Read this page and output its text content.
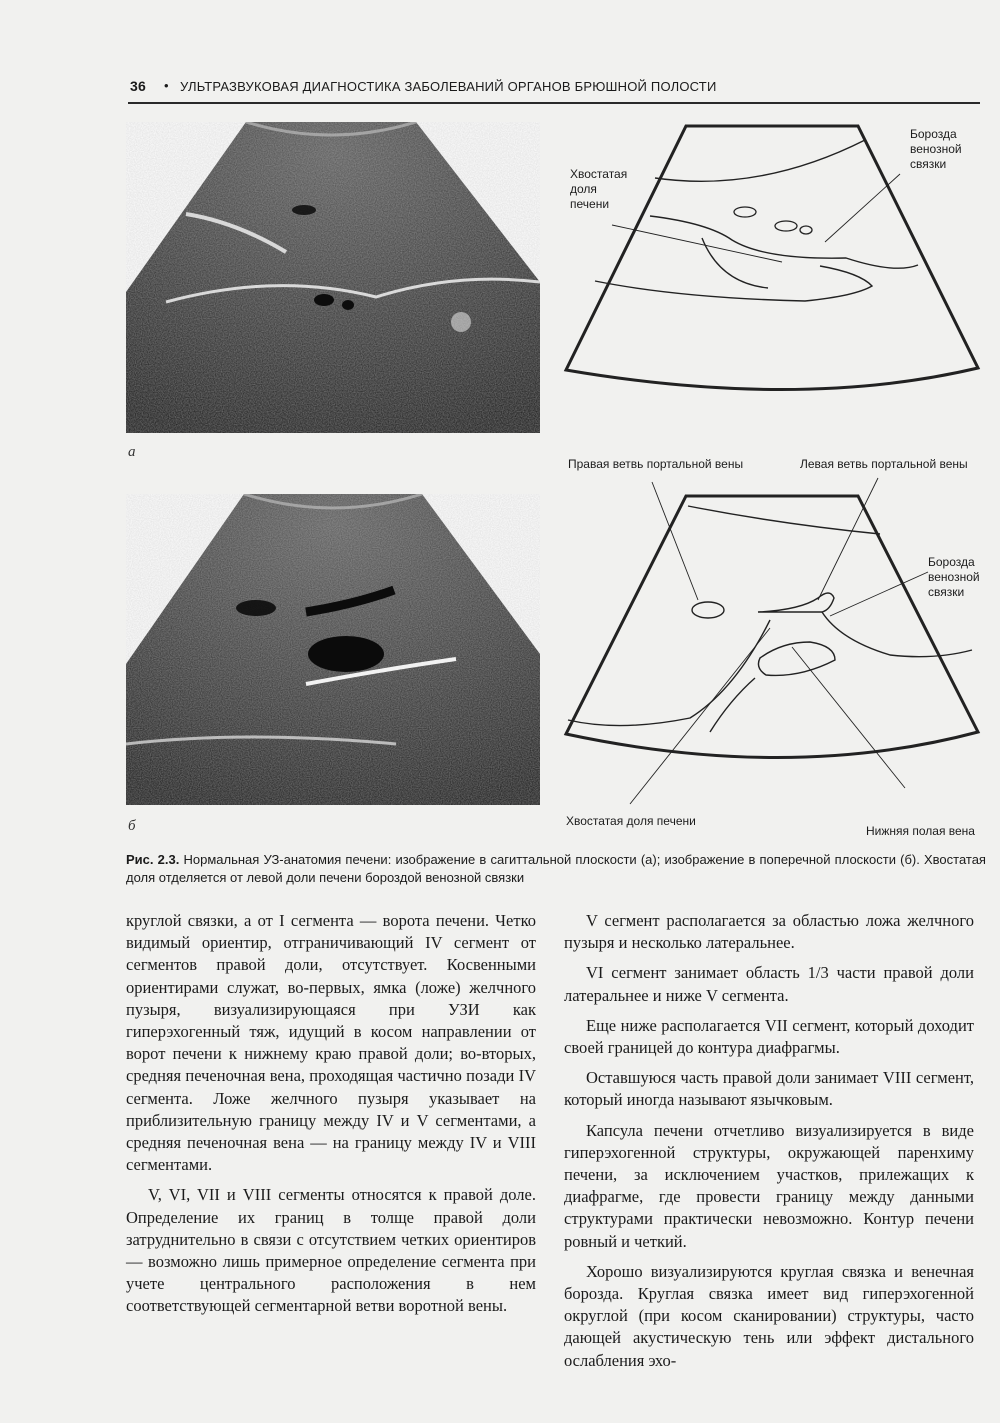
36 • УЛЬТРАЗВУКОВАЯ ДИАГНОСТИКА ЗАБОЛЕВАНИЙ ОРГАНОВ БРЮШНОЙ ПОЛОСТИ
а
Хвостатая
доля
печени
Борозда
венозной
связки
б
Правая ветвь портальной вены	Левая ветвь портальной вены
Борозда
венозной
связки
Хвостатая доля печени
Нижняя полая вена
Рис. 2.3. Нормальная УЗ-анатомия печени: изображение в сагиттальной плоскости (а); изображение в поперечной плоскости (б). Хвостатая доля отделяется от левой доли печени бороздой венозной связки

круглой связки, а от I сегмента — ворота печени. Четко видимый ориентир, отграничивающий IV сегмент от сегментов правой доли, отсутствует. Косвенными ориентирами служат, во-первых, ямка (ложе) желчного пузыря, визуализирующаяся при УЗИ как гиперэхогенный тяж, идущий в косом направлении от ворот печени к нижнему краю правой доли; во-вторых, средняя печеночная вена, проходящая частично позади IV сегмента. Ложе желчного пузыря указывает на приблизительную границу между IV и V сегментами, а средняя печеночная вена — на границу между IV и VIII сегментами.

V, VI, VII и VIII сегменты относятся к правой доле. Определение их границ в толще правой доли затруднительно в связи с отсутствием четких ориентиров — возможно лишь примерное определение сегмента при учете центрального расположения в нем соответствующей сегментарной ветви воротной вены.

V сегмент располагается за областью ложа желчного пузыря и несколько латеральнее.

VI сегмент занимает область 1/3 части правой доли латеральнее и ниже V сегмента.

Еще ниже располагается VII сегмент, который доходит своей границей до контура диафрагмы.

Оставшуюся часть правой доли занимает VIII сегмент, который иногда называют язычковым.

Капсула печени отчетливо визуализируется в виде гиперэхогенной структуры, окружающей паренхиму печени, за исключением участков, прилежащих к диафрагме, где провести границу между данными структурами практически невозможно. Контур печени ровный и четкий.

Хорошо визуализируются круглая связка и венечная борозда. Круглая связка имеет вид гиперэхогенной округлой (при косом сканировании) структуры, часто дающей акустическую тень или эффект дистального ослабления эхо-
